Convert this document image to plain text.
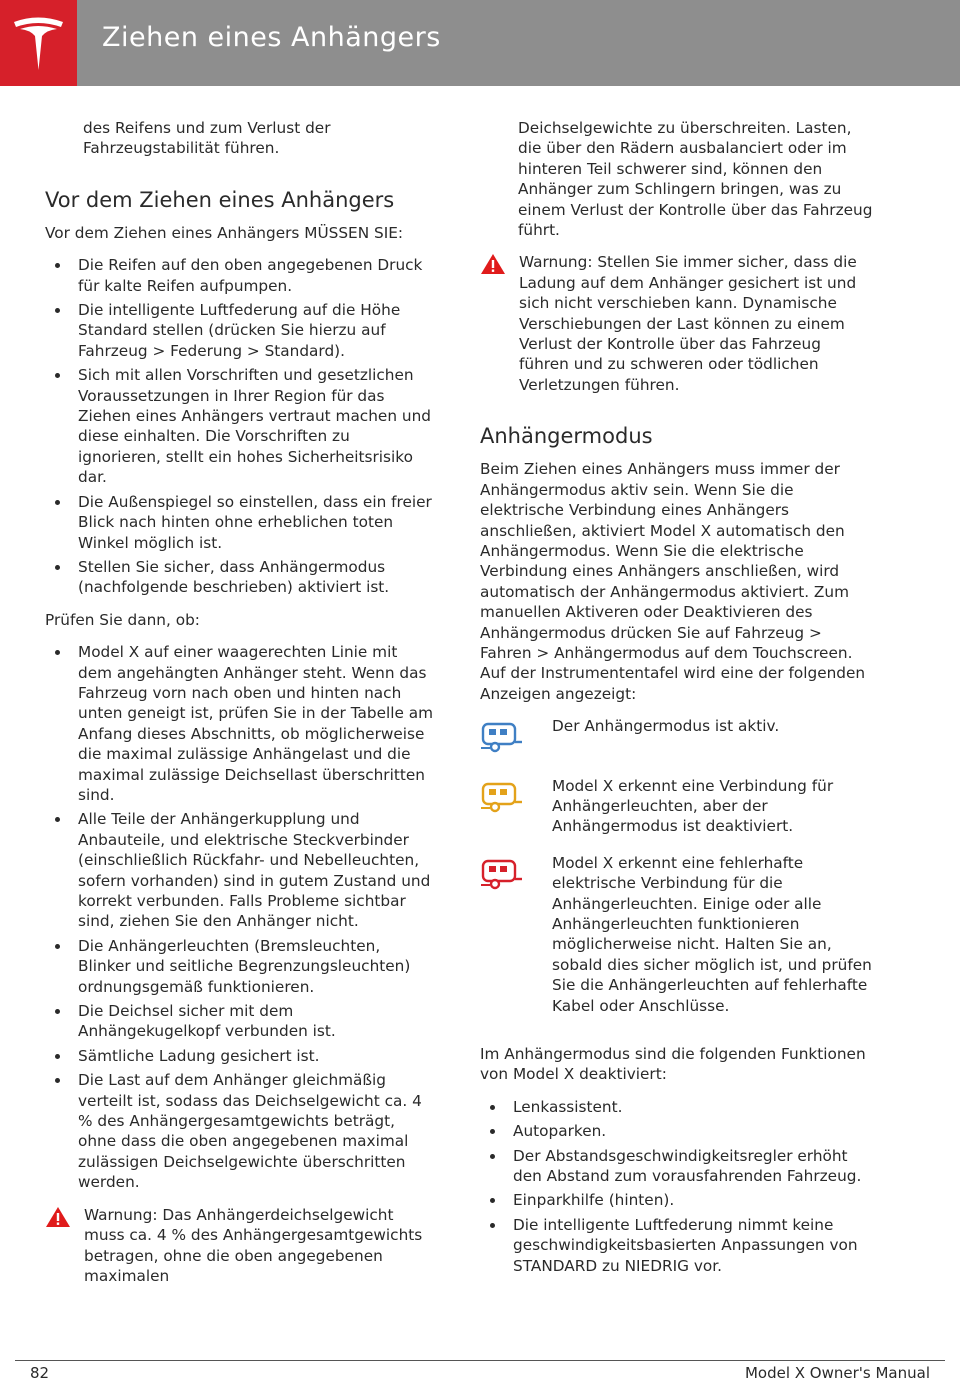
Ziehen eines Anhängers

des Reifens und zum Verlust der Fahrzeugstabilität führen.

Vor dem Ziehen eines Anhängers

Vor dem Ziehen eines Anhängers MÜSSEN SIE:

Die Reifen auf den oben angegebenen Druck für kalte Reifen aufpumpen.
Die intelligente Luftfederung auf die Höhe Standard stellen (drücken Sie hierzu auf Fahrzeug > Federung > Standard).
Sich mit allen Vorschriften und gesetzlichen Voraussetzungen in Ihrer Region für das Ziehen eines Anhängers vertraut machen und diese einhalten. Die Vorschriften zu ignorieren, stellt ein hohes Sicherheitsrisiko dar.
Die Außenspiegel so einstellen, dass ein freier Blick nach hinten ohne erheblichen toten Winkel möglich ist.
Stellen Sie sicher, dass Anhängermodus (nachfolgende beschrieben) aktiviert ist.

Prüfen Sie dann, ob:

Model X auf einer waagerechten Linie mit dem angehängten Anhänger steht. Wenn das Fahrzeug vorn nach oben und hinten nach unten geneigt ist, prüfen Sie in der Tabelle am Anfang dieses Abschnitts, ob möglicherweise die maximal zulässige Anhängelast und die maximal zulässige Deichsellast überschritten sind.
Alle Teile der Anhängerkupplung und Anbauteile, und elektrische Steckverbinder (einschließlich Rückfahr- und Nebelleuchten, sofern vorhanden) sind in gutem Zustand und korrekt verbunden. Falls Probleme sichtbar sind, ziehen Sie den Anhänger nicht.
Die Anhängerleuchten (Bremsleuchten, Blinker und seitliche Begrenzungsleuchten) ordnungsgemäß funktionieren.
Die Deichsel sicher mit dem Anhängekugelkopf verbunden ist.
Sämtliche Ladung gesichert ist.
Die Last auf dem Anhänger gleichmäßig verteilt ist, sodass das Deichselgewicht ca. 4 % des Anhängergesamtgewichts beträgt, ohne dass die oben angegebenen maximal zulässigen Deichselgewichte überschritten werden.
Warnung: Das Anhängerdeichselgewicht muss ca. 4 % des Anhängergesamtgewichts betragen, ohne die oben angegebenen maximalen

Deichselgewichte zu überschreiten. Lasten, die über den Rädern ausbalanciert oder im hinteren Teil schwerer sind, können den Anhänger zum Schlingern bringen, was zu einem Verlust der Kontrolle über das Fahrzeug führt.

Warnung: Stellen Sie immer sicher, dass die Ladung auf dem Anhänger gesichert ist und sich nicht verschieben kann. Dynamische Verschiebungen der Last können zu einem Verlust der Kontrolle über das Fahrzeug führen und zu schweren oder tödlichen Verletzungen führen.
Anhängermodus

Beim Ziehen eines Anhängers muss immer der Anhängermodus aktiv sein. Wenn Sie die elektrische Verbindung eines Anhängers anschließen, aktiviert Model X automatisch den Anhängermodus. Wenn Sie die elektrische Verbindung eines Anhängers anschließen, wird automatisch der Anhängermodus aktiviert. Zum manuellen Aktiveren oder Deaktivieren des Anhängermodus drücken Sie auf Fahrzeug > Fahren > Anhängermodus auf dem Touchscreen. Auf der Instrumententafel wird eine der folgenden Anzeigen angezeigt:

Der Anhängermodus ist aktiv.
Model X erkennt eine Verbindung für Anhängerleuchten, aber der Anhängermodus ist deaktiviert.
Model X erkennt eine fehlerhafte elektrische Verbindung für die Anhängerleuchten. Einige oder alle Anhängerleuchten funktionieren möglicherweise nicht. Halten Sie an, sobald dies sicher möglich ist, und prüfen Sie die Anhängerleuchten auf fehlerhafte Kabel oder Anschlüsse.

Im Anhängermodus sind die folgenden Funktionen von Model X deaktiviert:

Lenkassistent.
Autoparken.
Der Abstandsgeschwindigkeitsregler erhöht den Abstand zum vorausfahrenden Fahrzeug.
Einparkhilfe (hinten).
Die intelligente Luftfederung nimmt keine geschwindigkeitsbasierten Anpassungen von STANDARD zu NIEDRIG vor.
82	Model X Owner's Manual
